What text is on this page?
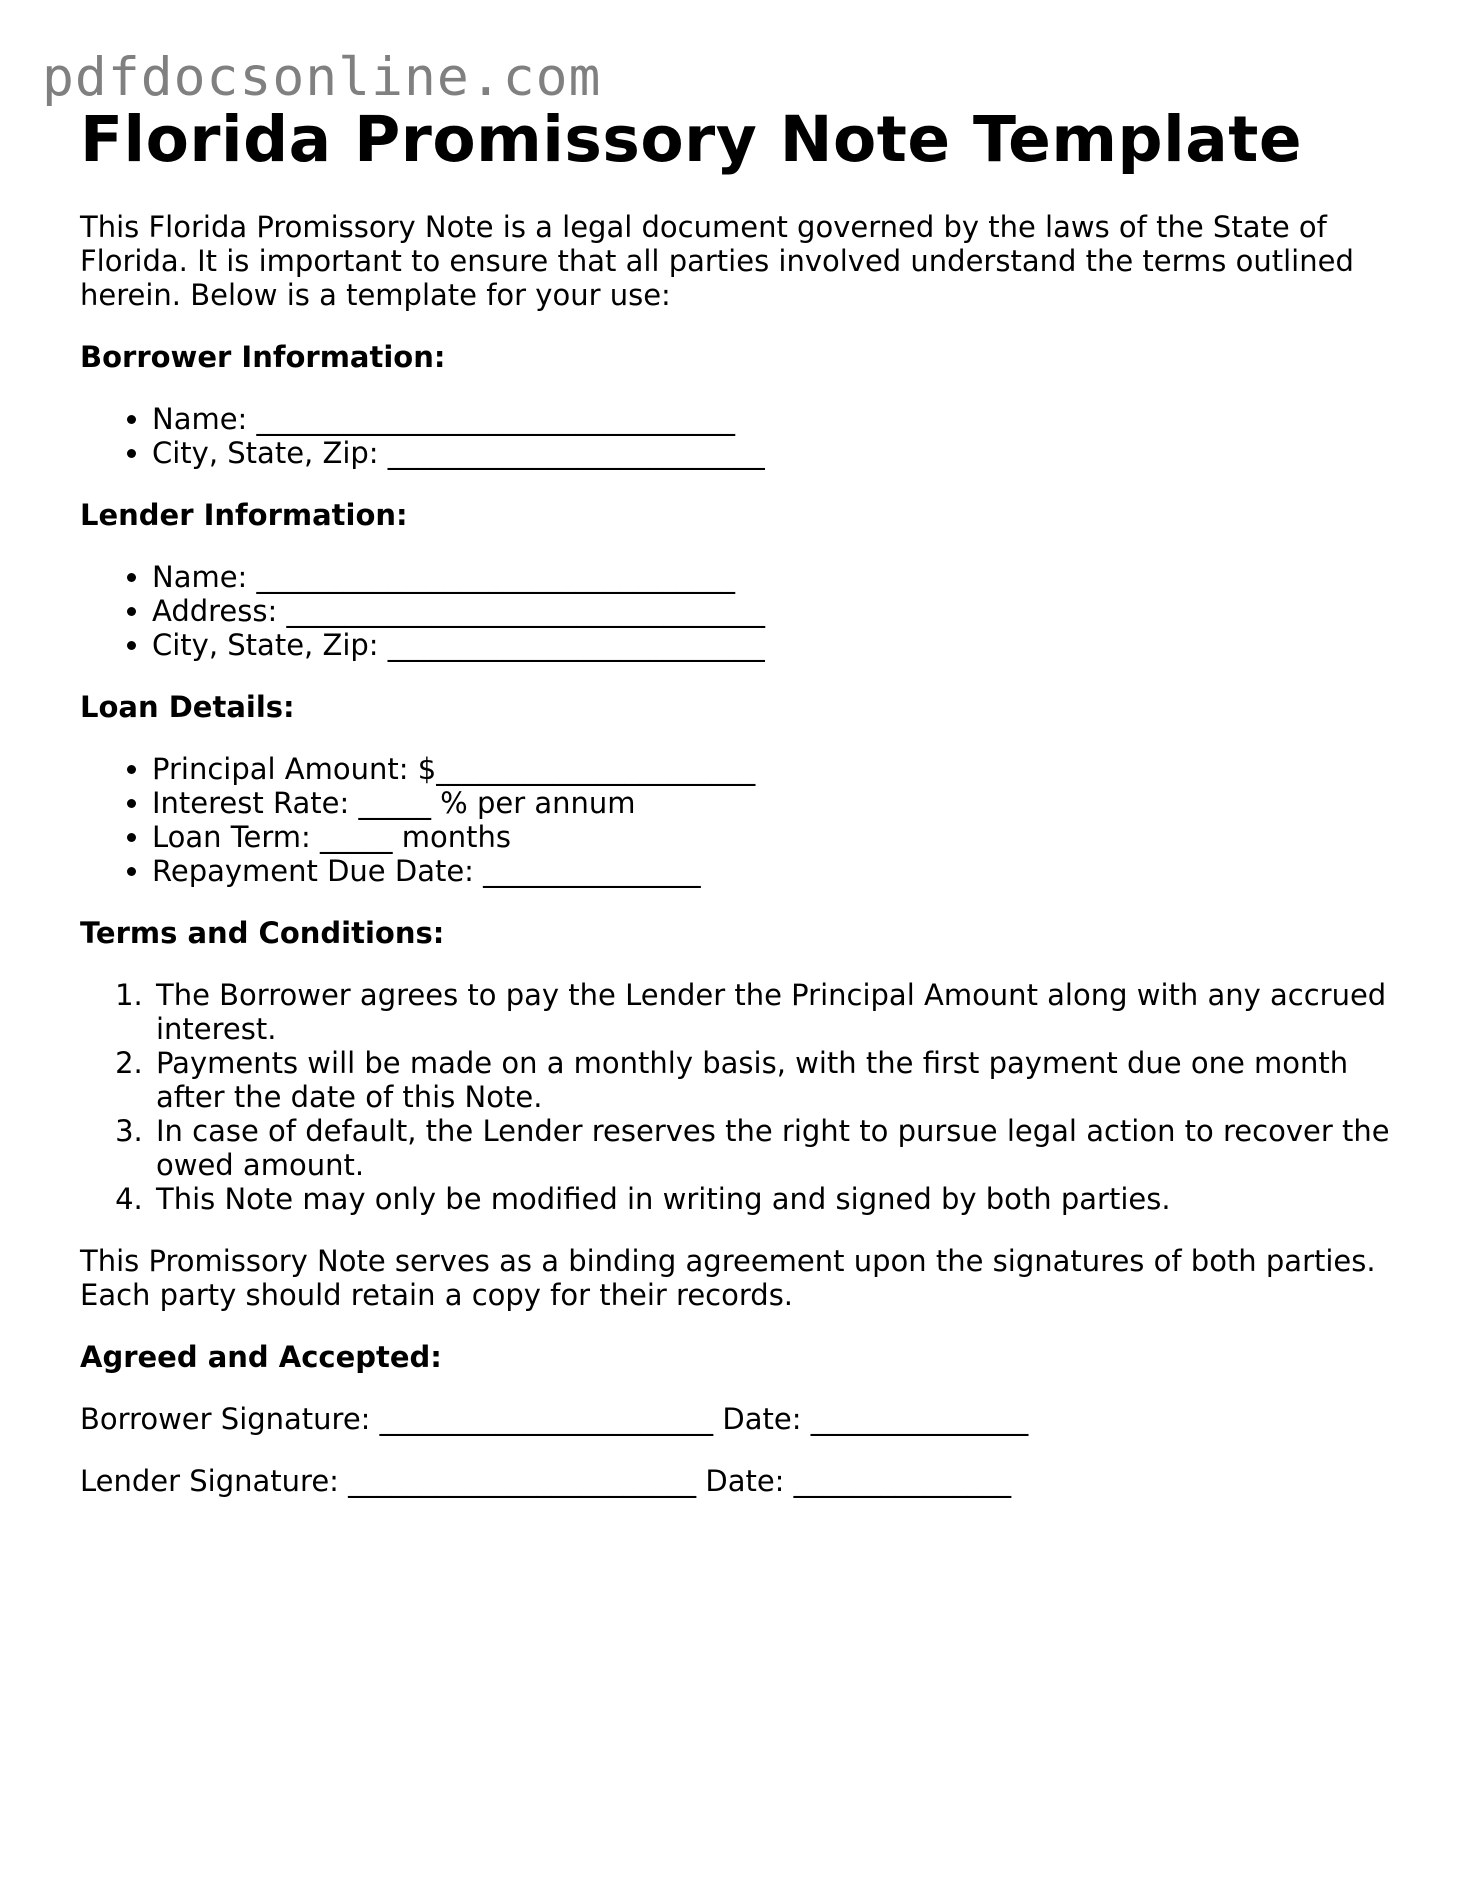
pdfdocsonline.com
Florida Promissory Note Template

This Florida Promissory Note is a legal document governed by the laws of the State of Florida. It is important to ensure that all parties involved understand the terms outlined herein. Below is a template for your use:

Borrower Information:
• Name: _________________________________
• City, State, Zip: __________________________
Lender Information:
• Name: _________________________________
• Address: _________________________________
• City, State, Zip: __________________________
Loan Details:
• Principal Amount: $______________________
• Interest Rate: _____ % per annum
• Loan Term: _____ months
• Repayment Due Date: _______________
Terms and Conditions:
1. The Borrower agrees to pay the Lender the Principal Amount along with any accrued interest.
2. Payments will be made on a monthly basis, with the first payment due one month after the date of this Note.
3. In case of default, the Lender reserves the right to pursue legal action to recover the owed amount.
4. This Note may only be modified in writing and signed by both parties.

This Promissory Note serves as a binding agreement upon the signatures of both parties. Each party should retain a copy for their records.

Agreed and Accepted:

Borrower Signature: _______________________ Date: _______________

Lender Signature: ________________________ Date: _______________
